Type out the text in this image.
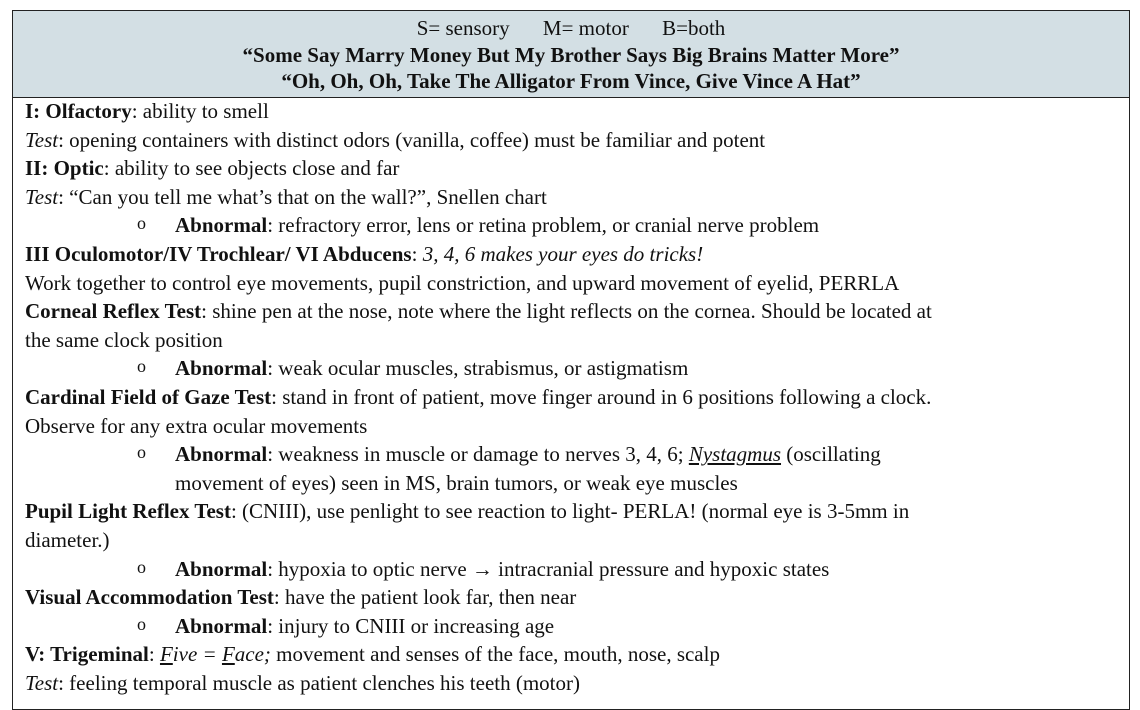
S= sensory M= motor B=both
“Some Say Marry Money But My Brother Says Big Brains Matter More”
“Oh, Oh, Oh, Take The Alligator From Vince, Give Vince A Hat”
I: Olfactory: ability to smell
Test: opening containers with distinct odors (vanilla, coffee) must be familiar and potent
II: Optic: ability to see objects close and far
Test: “Can you tell me what’s that on the wall?”, Snellen chart
o Abnormal: refractory error, lens or retina problem, or cranial nerve problem
III Oculomotor/IV Trochlear/ VI Abducens: 3, 4, 6 makes your eyes do tricks!
Work together to control eye movements, pupil constriction, and upward movement of eyelid, PERRLA
Corneal Reflex Test: shine pen at the nose, note where the light reflects on the cornea. Should be located at
the same clock position
o Abnormal: weak ocular muscles, strabismus, or astigmatism
Cardinal Field of Gaze Test: stand in front of patient, move finger around in 6 positions following a clock.
Observe for any extra ocular movements
o Abnormal: weakness in muscle or damage to nerves 3, 4, 6; Nystagmus (oscillating
movement of eyes) seen in MS, brain tumors, or weak eye muscles
Pupil Light Reflex Test: (CNIII), use penlight to see reaction to light- PERLA! (normal eye is 3-5mm in
diameter.)
o Abnormal: hypoxia to optic nerve → intracranial pressure and hypoxic states
Visual Accommodation Test: have the patient look far, then near
o Abnormal: injury to CNIII or increasing age
V: Trigeminal: Five = Face; movement and senses of the face, mouth, nose, scalp
Test: feeling temporal muscle as patient clenches his teeth (motor)
